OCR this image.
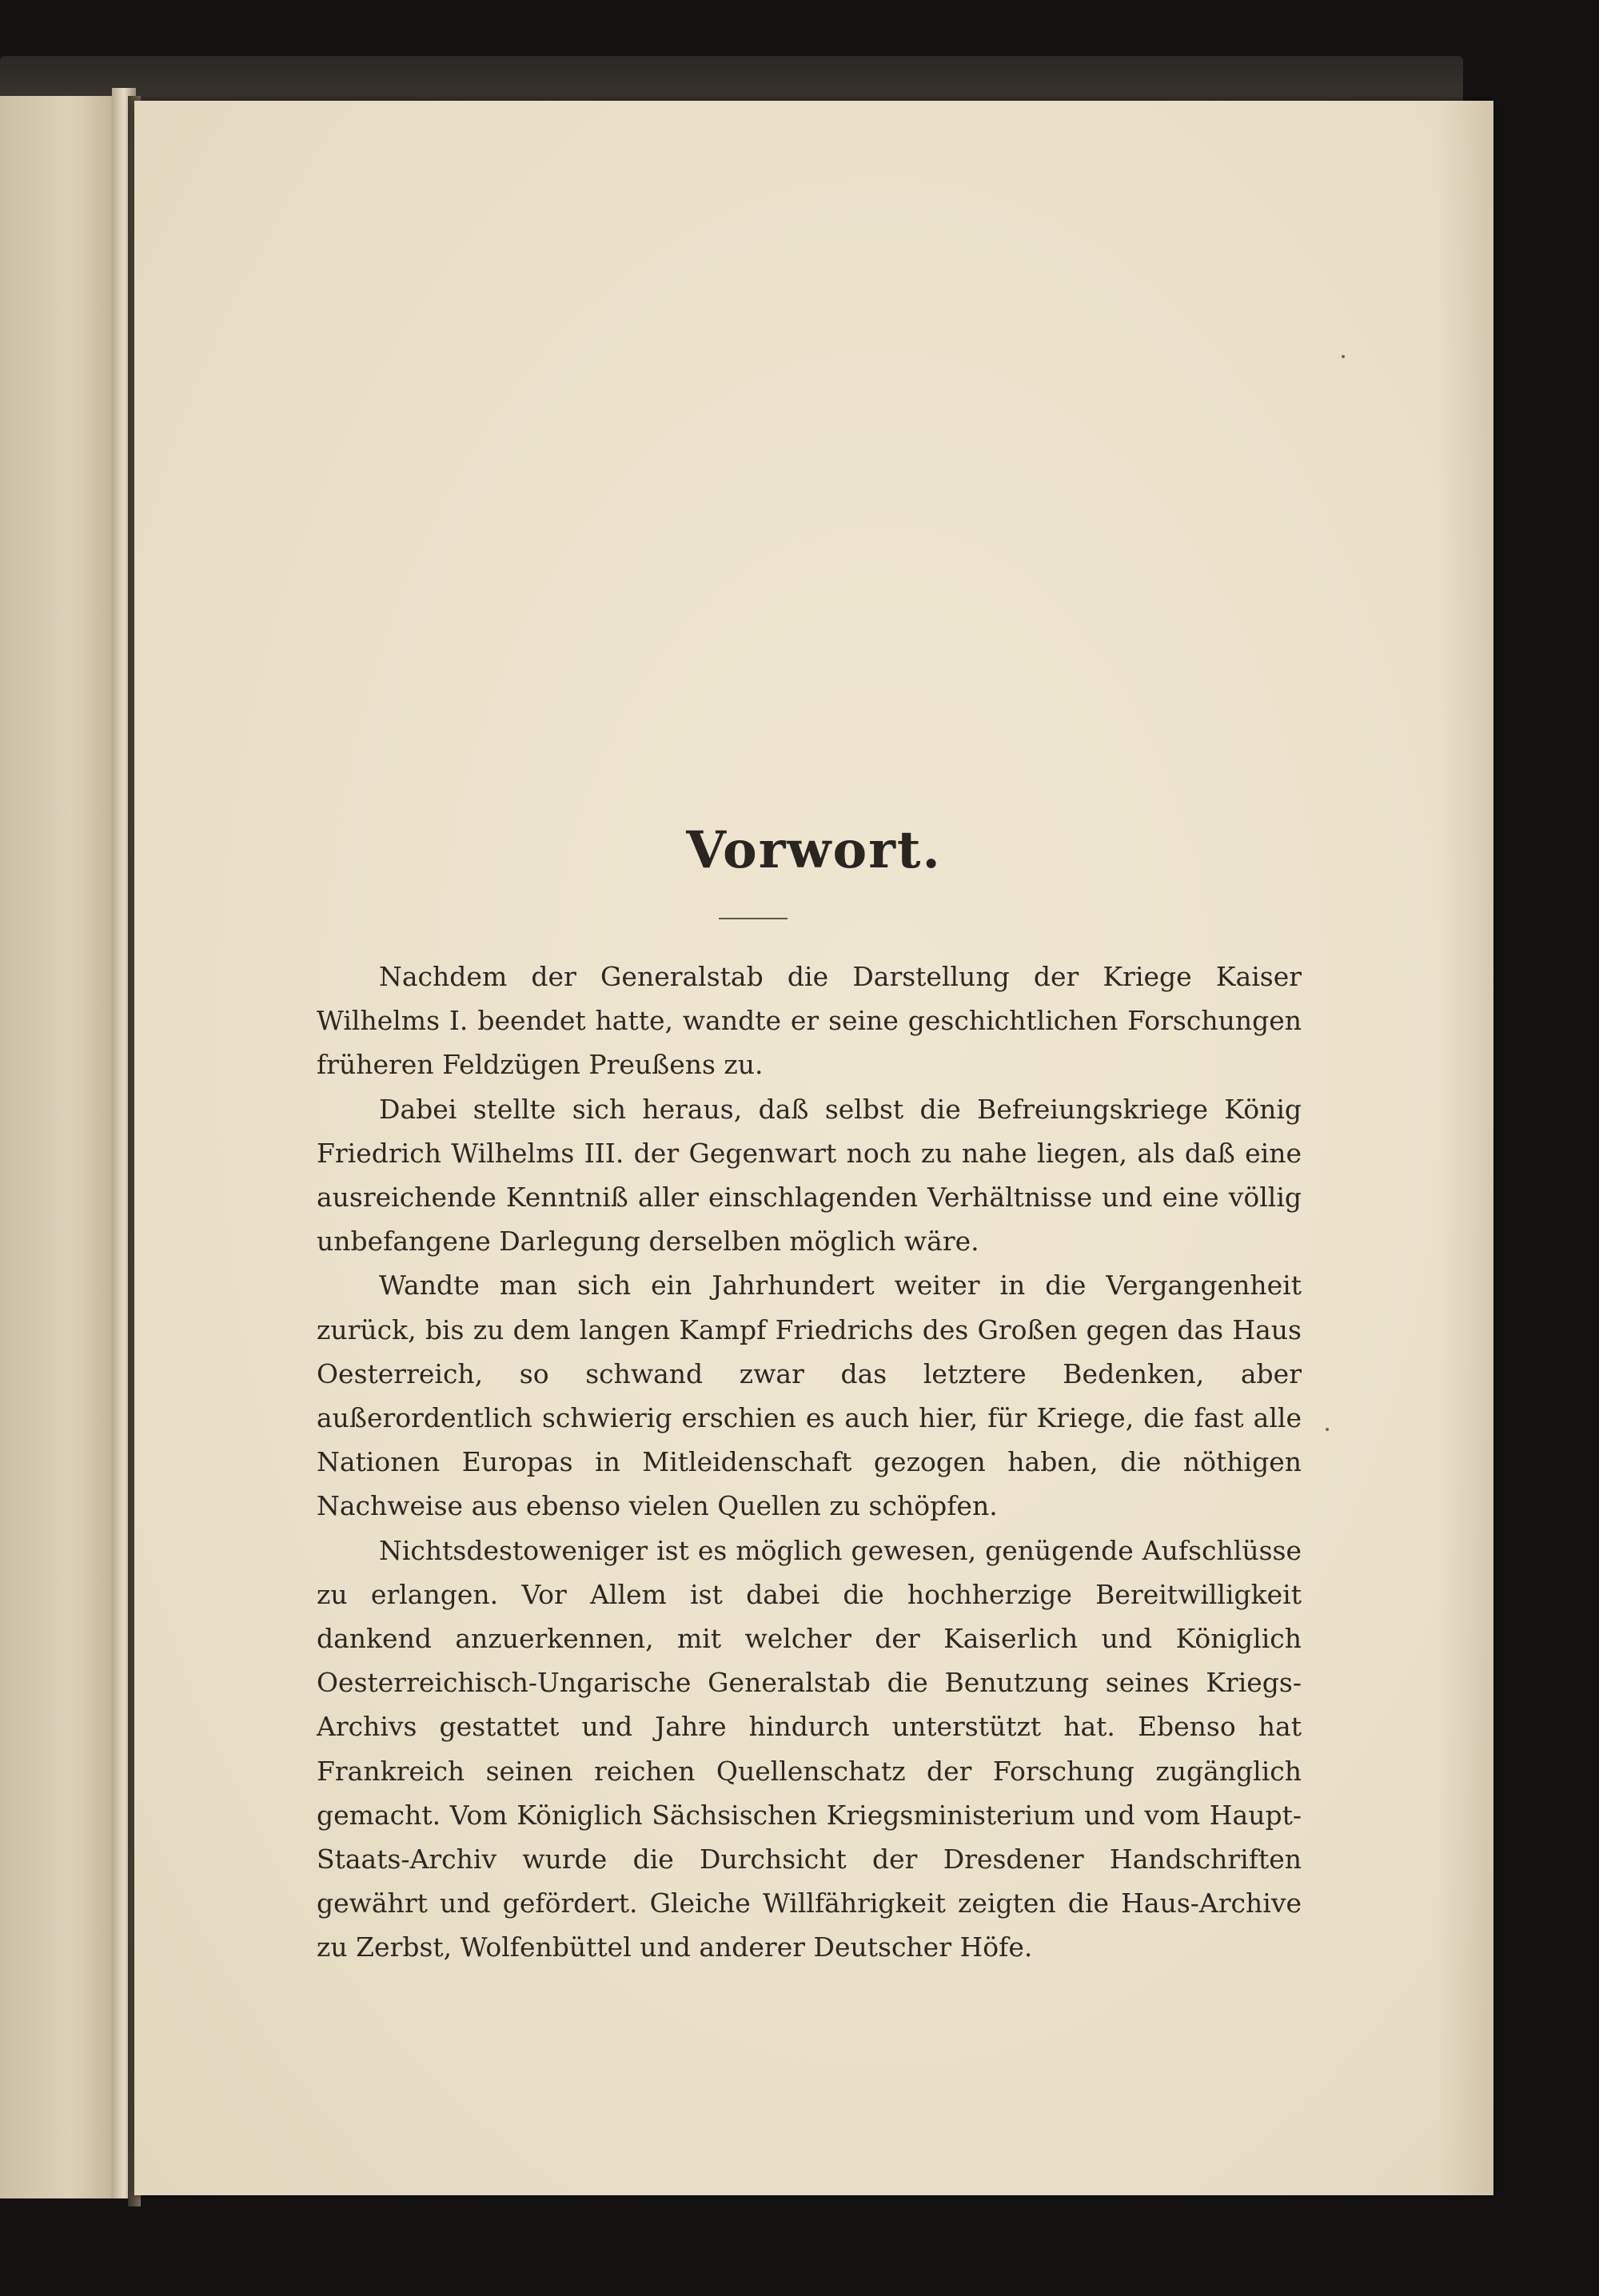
Vorwort.

Nachdem der Generalstab die Darstellung der Kriege Kaiser Wilhelms I. beendet hatte, wandte er seine geschichtlichen Forschungen früheren Feldzügen Preußens zu.

Dabei stellte sich heraus, daß selbst die Befreiungskriege König Friedrich Wilhelms III. der Gegenwart noch zu nahe liegen, als daß eine ausreichende Kenntniß aller einschlagenden Verhältnisse und eine völlig unbefangene Darlegung derselben möglich wäre.

Wandte man sich ein Jahrhundert weiter in die Vergangenheit zurück, bis zu dem langen Kampf Friedrichs des Großen gegen das Haus Oesterreich, so schwand zwar das letztere Bedenken, aber außerordentlich schwierig erschien es auch hier, für Kriege, die fast alle Nationen Europas in Mitleidenschaft gezogen haben, die nöthigen Nachweise aus ebenso vielen Quellen zu schöpfen.

Nichtsdestoweniger ist es möglich gewesen, genügende Aufschlüsse zu erlangen. Vor Allem ist dabei die hochherzige Bereitwilligkeit dankend anzuerkennen, mit welcher der Kaiserlich und Königlich Oesterreichisch-Ungarische Generalstab die Benutzung seines Kriegs-Archivs gestattet und Jahre hindurch unterstützt hat. Ebenso hat Frankreich seinen reichen Quellenschatz der Forschung zugänglich gemacht. Vom Königlich Sächsischen Kriegsministerium und vom Haupt-Staats-Archiv wurde die Durchsicht der Dresdener Handschriften gewährt und gefördert. Gleiche Willfährigkeit zeigten die Haus-Archive zu Zerbst, Wolfenbüttel und anderer Deutscher Höfe.
